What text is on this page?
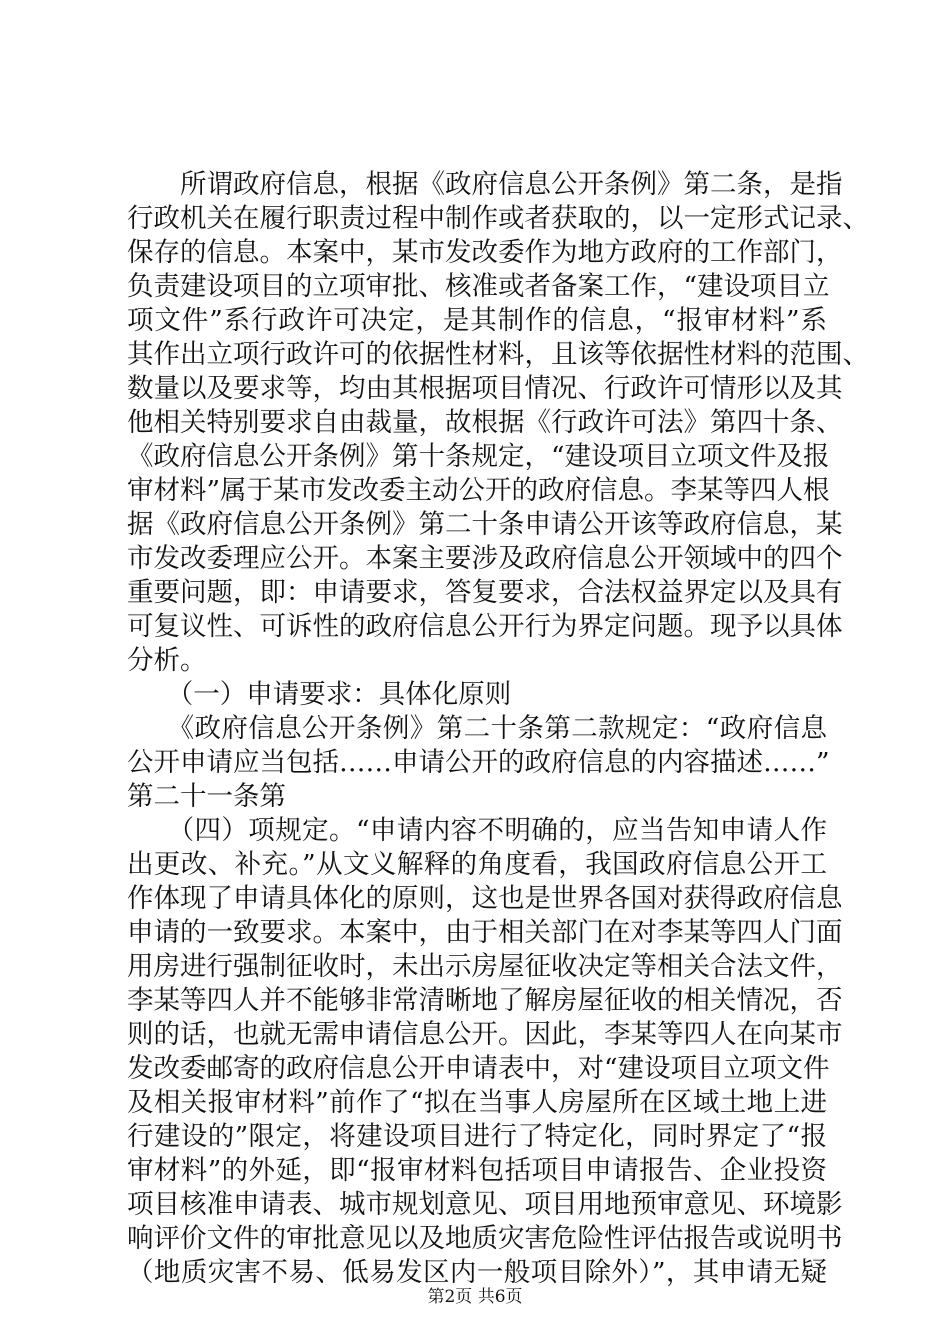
　　所谓政府信息，根据《政府信息公开条例》第二条，是指
行政机关在履行职责过程中制作或者获取的，以一定形式记录、
保存的信息。本案中，某市发改委作为地方政府的工作部门，
负责建设项目的立项审批、核准或者备案工作，“建设项目立
项文件”系行政许可决定，是其制作的信息，“报审材料”系
其作出立项行政许可的依据性材料，且该等依据性材料的范围、
数量以及要求等，均由其根据项目情况、行政许可情形以及其
他相关特别要求自由裁量，故根据《行政许可法》第四十条、
《政府信息公开条例》第十条规定，“建设项目立项文件及报
审材料”属于某市发改委主动公开的政府信息。李某等四人根
据《政府信息公开条例》第二十条申请公开该等政府信息，某
市发改委理应公开。本案主要涉及政府信息公开领域中的四个
重要问题，即：申请要求，答复要求，合法权益界定以及具有
可复议性、可诉性的政府信息公开行为界定问题。现予以具体
分析。
　　（一）申请要求：具体化原则
　　《政府信息公开条例》第二十条第二款规定：“政府信息
公开申请应当包括……申请公开的政府信息的内容描述……”
第二十一条第
　　（四）项规定。“申请内容不明确的，应当告知申请人作
出更改、补充。”从文义解释的角度看，我国政府信息公开工
作体现了申请具体化的原则，这也是世界各国对获得政府信息
申请的一致要求。本案中，由于相关部门在对李某等四人门面
用房进行强制征收时，未出示房屋征收决定等相关合法文件，
李某等四人并不能够非常清晰地了解房屋征收的相关情况，否
则的话，也就无需申请信息公开。因此，李某等四人在向某市
发改委邮寄的政府信息公开申请表中，对“建设项目立项文件
及相关报审材料”前作了“拟在当事人房屋所在区域土地上进
行建设的”限定，将建设项目进行了特定化，同时界定了“报
审材料”的外延，即“报审材料包括项目申请报告、企业投资
项目核准申请表、城市规划意见、项目用地预审意见、环境影
响评价文件的审批意见以及地质灾害危险性评估报告或说明书
（地质灾害不易、低易发区内一般项目除外）”，其申请无疑
第2页 共6页
